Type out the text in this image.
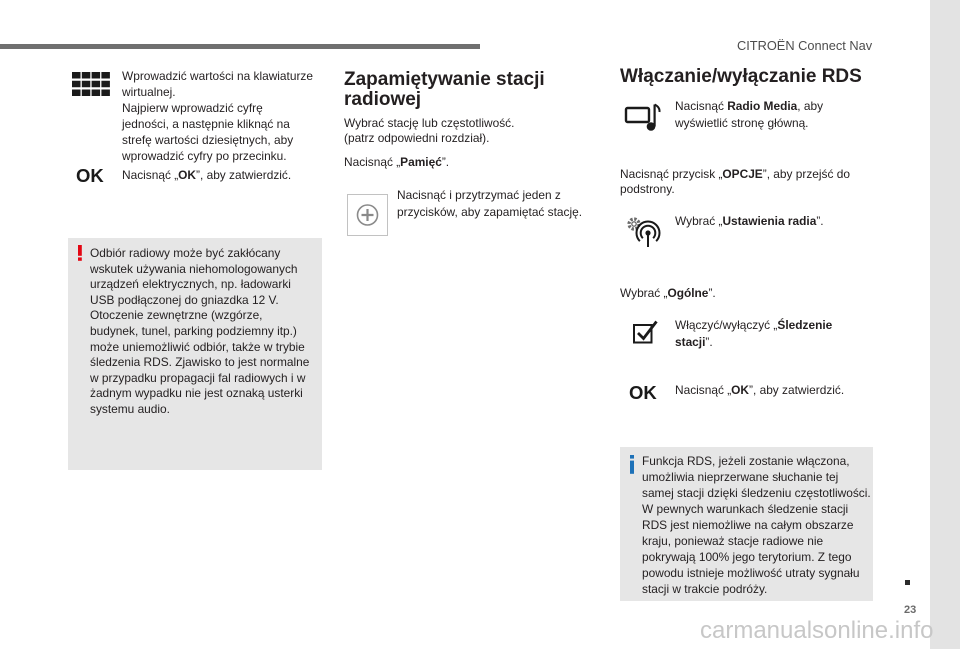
CITROËN Connect Nav
23
carmanualsonline.info
Wprowadzić wartości na klawiaturze
wirtualnej.
Najpierw wprowadzić cyfrę
jedności, a następnie kliknąć na
strefę wartości dziesiętnych, aby
wprowadzić cyfry po przecinku.
OK Nacisnąć „OK”, aby zatwierdzić.
Odbiór radiowy może być zakłócany
wskutek używania niehomologowanych
urządzeń elektrycznych, np. ładowarki
USB podłączonej do gniazdka 12 V.
Otoczenie zewnętrzne (wzgórze,
budynek, tunel, parking podziemny itp.)
może uniemożliwić odbiór, także w trybie
śledzenia RDS. Zjawisko to jest normalne
w przypadku propagacji fal radiowych i w
żadnym wypadku nie jest oznaką usterki
systemu audio.
Zapamiętywanie stacji
radiowej
Wybrać stację lub częstotliwość.
(patrz odpowiedni rozdział).
Nacisnąć „Pamięć”.
Nacisnąć i przytrzymać jeden z
przycisków, aby zapamiętać stację.
Włączanie/wyłączanie RDS
Nacisnąć Radio Media, aby
wyświetlić stronę główną.
Nacisnąć przycisk „OPCJE”, aby przejść do
podstrony.
Wybrać „Ustawienia radia”.
Wybrać „Ogólne”.
Włączyć/wyłączyć „Śledzenie
stacji”.
OK Nacisnąć „OK”, aby zatwierdzić.
Funkcja RDS, jeżeli zostanie włączona,
umożliwia nieprzerwane słuchanie tej
samej stacji dzięki śledzeniu częstotliwości.
W pewnych warunkach śledzenie stacji
RDS jest niemożliwe na całym obszarze
kraju, ponieważ stacje radiowe nie
pokrywają 100% jego terytorium. Z tego
powodu istnieje możliwość utraty sygnału
stacji w trakcie podróży.
